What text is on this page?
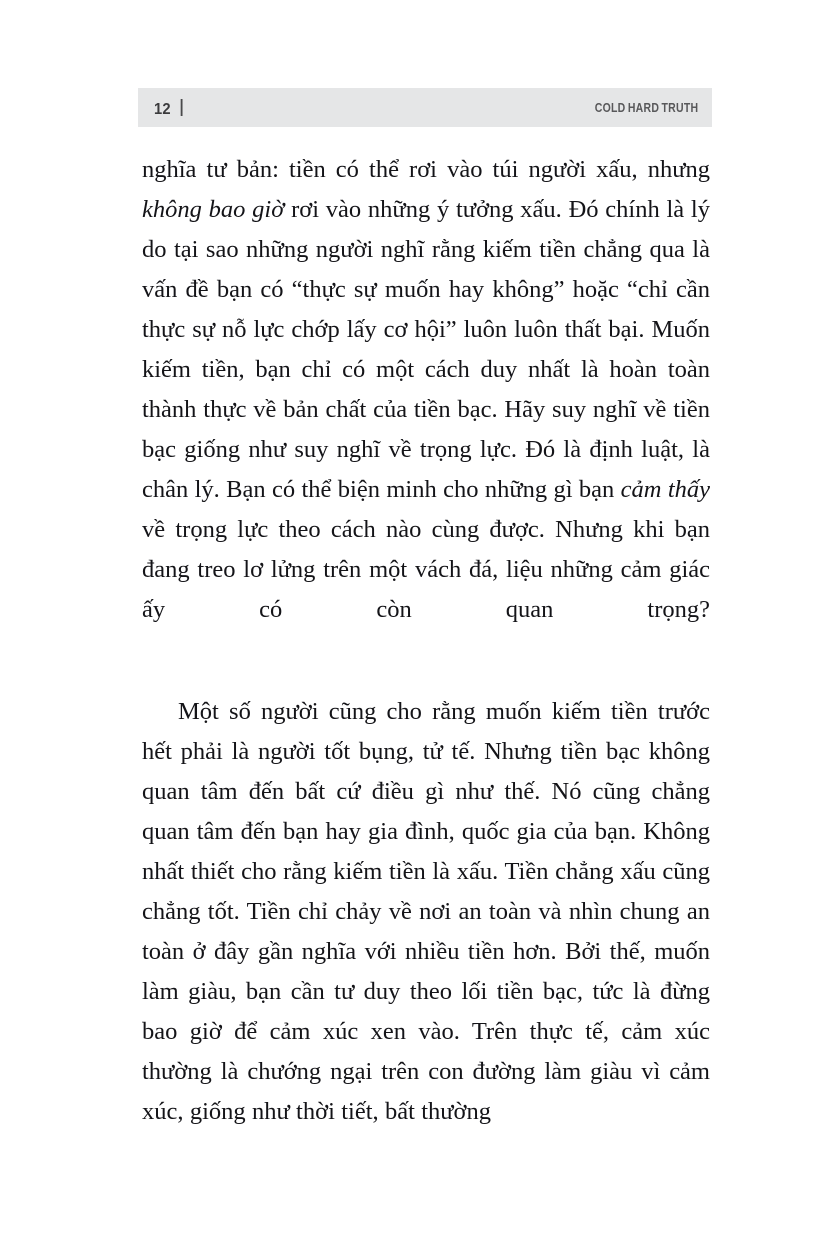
12	COLD HARD TRUTH

nghĩa tư bản: tiền có thể rơi vào túi người xấu, nhưng không bao giờ rơi vào những ý tưởng xấu. Đó chính là lý do tại sao những người nghĩ rằng kiếm tiền chẳng qua là vấn đề bạn có “thực sự muốn hay không” hoặc “chỉ cần thực sự nỗ lực chớp lấy cơ hội” luôn luôn thất bại. Muốn kiếm tiền, bạn chỉ có một cách duy nhất là hoàn toàn thành thực về bản chất của tiền bạc. Hãy suy nghĩ về tiền bạc giống như suy nghĩ về trọng lực. Đó là định luật, là chân lý. Bạn có thể biện minh cho những gì bạn cảm thấy về trọng lực theo cách nào cùng được. Nhưng khi bạn đang treo lơ lửng trên một vách đá, liệu những cảm giác ấy có còn quan trọng?

Một số người cũng cho rằng muốn kiếm tiền trước hết phải là người tốt bụng, tử tế. Nhưng tiền bạc không quan tâm đến bất cứ điều gì như thế. Nó cũng chẳng quan tâm đến bạn hay gia đình, quốc gia của bạn. Không nhất thiết cho rằng kiếm tiền là xấu. Tiền chẳng xấu cũng chẳng tốt. Tiền chỉ chảy về nơi an toàn và nhìn chung an toàn ở đây gần nghĩa với nhiều tiền hơn. Bởi thế, muốn làm giàu, bạn cần tư duy theo lối tiền bạc, tức là đừng bao giờ để cảm xúc xen vào. Trên thực tế, cảm xúc thường là chướng ngại trên con đường làm giàu vì cảm xúc, giống như thời tiết, bất thường
